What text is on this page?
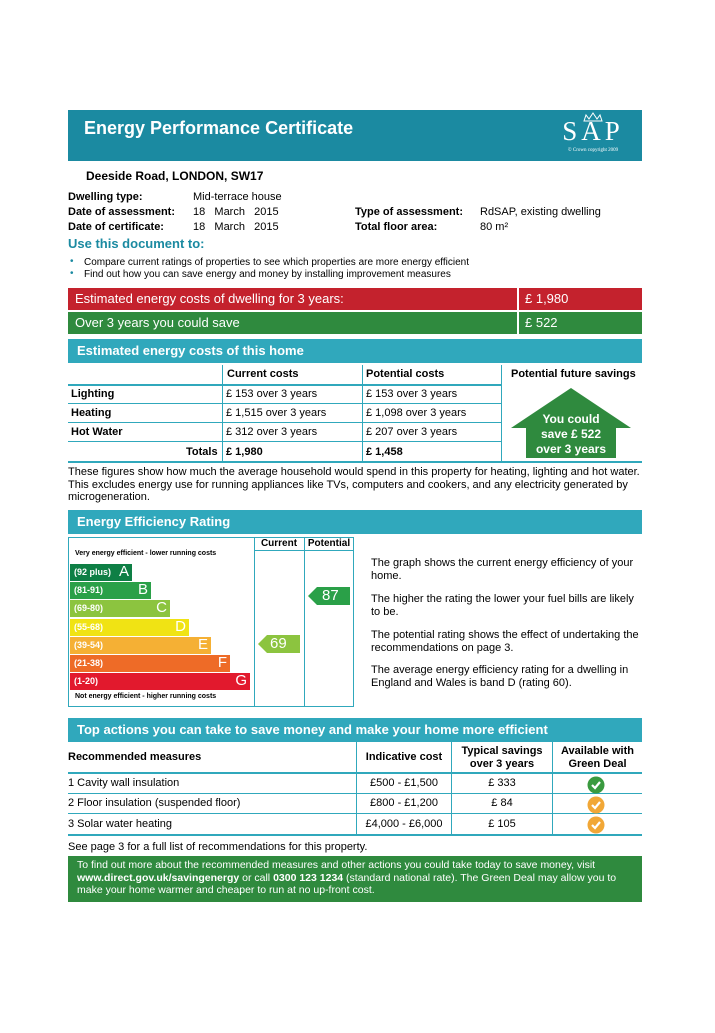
Energy Performance Certificate	SAP
© Crown copyright 2009
Deeside Road, LONDON, SW17
Dwelling type:	Mid-terrace house
Date of assessment: 18   March   2015
Date of certificate:	18   March   2015
Type of assessment: RdSAP, existing dwelling
Total floor area:	80 m²
Use this document to:
• Compare current ratings of properties to see which properties are more energy efficient
• Find out how you can save energy and money by installing improvement measures
Estimated energy costs of dwelling for 3 years:	£ 1,980
Over 3 years you could save	£ 522
Estimated energy costs of this home
Current costs	Potential costs	Potential future savings
Lighting	£ 153 over 3 years	£ 153 over 3 years
Heating	£ 1,515 over 3 years	£ 1,098 over 3 years
Hot Water	£ 312 over 3 years	£ 207 over 3 years
Totals £ 1,980	£ 1,458
You could
save £ 522
over 3 years
These figures show how much the average household would spend in this property for heating, lighting and hot water. This excludes energy use for running appliances like TVs, computers and cookers, and any electricity generated by microgeneration.
Energy Efficiency Rating
Current	Potential
Very energy efficient - lower running costs
Not energy efficient - higher running costs
(92 plus) A
(81-91) B
(69-80)	C
(55-68)	D
(39-54)	E
(21-38)	F
(1-20)	G
69
87
The graph shows the current energy efficiency of your home.
The higher the rating the lower your fuel bills are likely to be.
The potential rating shows the effect of undertaking the recommendations on page 3.
The average energy efficiency rating for a dwelling in England and Wales is band D (rating 60).
Top actions you can take to save money and make your home more efficient
Recommended measures	Indicative cost	Typical savings
over 3 years
Available with
Green Deal
1 Cavity wall insulation	£500 - £1,500	£ 333
2 Floor insulation (suspended floor)	£800 - £1,200	£ 84
3 Solar water heating	£4,000 - £6,000	£ 105
See page 3 for a full list of recommendations for this property.
To find out more about the recommended measures and other actions you could take today to save money, visit www.direct.gov.uk/savingenergy or call 0300 123 1234 (standard national rate). The Green Deal may allow you to make your home warmer and cheaper to run at no up-front cost.
